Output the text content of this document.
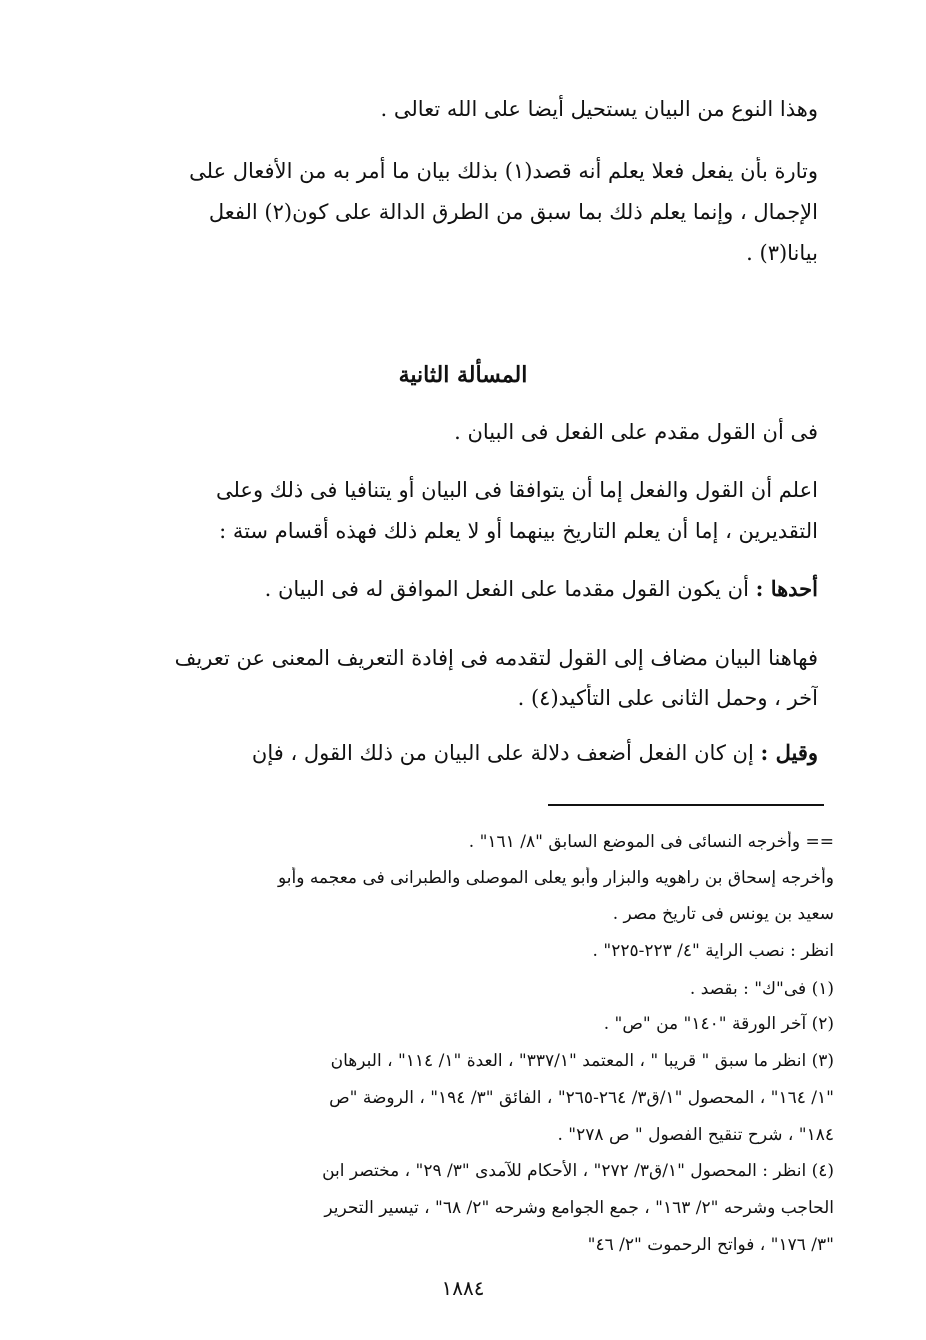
وهذا النوع من البيان يستحيل أيضا على الله تعالى .
وتارة بأن يفعل فعلا يعلم أنه قصد(١) بذلك بيان ما أمر به من الأفعال على
الإجمال ، وإنما يعلم ذلك بما سبق من الطرق الدالة على كون(٢) الفعل
بيانا(٣) .
المسألة الثانية
فى أن القول مقدم على الفعل فى البيان .
اعلم أن القول والفعل إما أن يتوافقا فى البيان أو يتنافيا فى ذلك وعلى
التقديرين ، إما أن يعلم التاريخ بينهما أو لا يعلم ذلك فهذه أقسام ستة :
أحدها : أن يكون القول مقدما على الفعل الموافق له فى البيان .
فهاهنا البيان مضاف إلى القول لتقدمه فى إفادة التعريف المعنى عن تعريف
آخر ، وحمل الثانى على التأكيد(٤) .
وقيل : إن كان الفعل أضعف دلالة على البيان من ذلك القول ، فإن
== وأخرجه النسائى فى الموضع السابق "٨/ ١٦١" .
وأخرجه إسحاق بن راهويه والبزار وأبو يعلى الموصلى والطبرانى فى معجمه وأبو
سعيد بن يونس فى تاريخ مصر .
انظر : نصب الراية "٤/ ٢٢٣-٢٢٥" .
(١) فى"ك" : بقصد .
(٢) آخر الورقة "١٤٠" من "ص" .
(٣) انظر ما سبق " قريبا " ، المعتمد "٣٣٧/١" ، العدة "١/ ١١٤" ، البرهان
"١/ ١٦٤" ، المحصول "١/ق٣/ ٢٦٤-٢٦٥" ، الفائق "٣/ ١٩٤" ، الروضة "ص
١٨٤" ، شرح تنقيح الفصول " ص ٢٧٨" .
(٤) انظر : المحصول "١/ق٣/ ٢٧٢" ، الأحكام للآمدى "٣/ ٢٩" ، مختصر ابن
الحاجب وشرحه "٢/ ١٦٣" ، جمع الجوامع وشرحه "٢/ ٦٨" ، تيسير التحرير
"٣/ ١٧٦" ، فواتح الرحموت "٢/ ٤٦"
١٨٨٤
